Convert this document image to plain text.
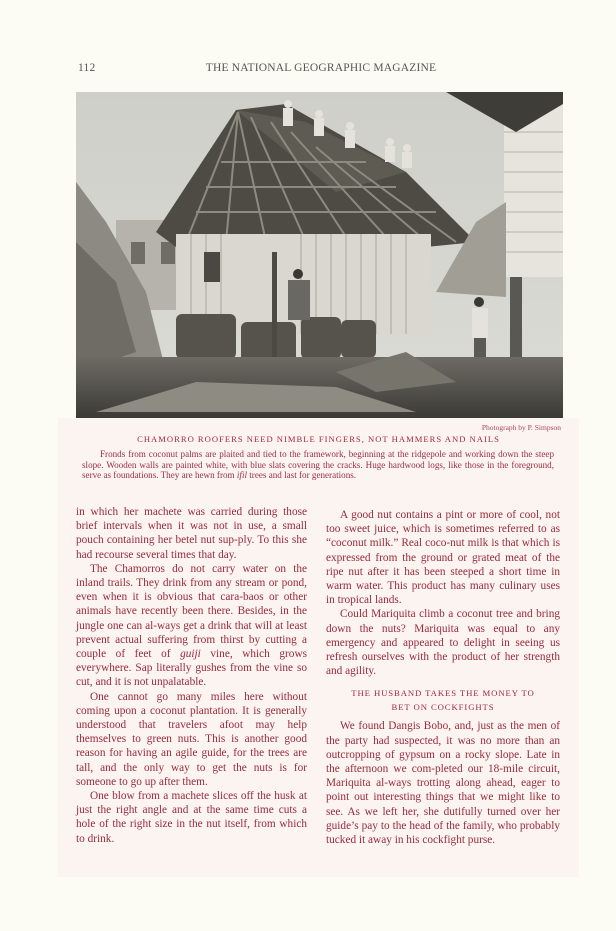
112	THE NATIONAL GEOGRAPHIC MAGAZINE
Photograph by P. Simpson
CHAMORRO ROOFERS NEED NIMBLE FINGERS, NOT HAMMERS AND NAILS

Fronds from coconut palms are plaited and tied to the framework, beginning at the ridgepole and working down the steep slope. Wooden walls are painted white, with blue slats covering the cracks. Huge hardwood logs, like those in the foreground, serve as foundations. They are hewn from ifil trees and last for generations.

in which her machete was carried during those brief intervals when it was not in use, a small pouch containing her betel nut sup-ply. To this she had recourse several times that day.

The Chamorros do not carry water on the inland trails. They drink from any stream or pond, even when it is obvious that cara-baos or other animals have recently been there. Besides, in the jungle one can al-ways get a drink that will at least prevent actual suffering from thirst by cutting a couple of feet of guiji vine, which grows everywhere. Sap literally gushes from the vine so cut, and it is not unpalatable.

One cannot go many miles here without coming upon a coconut plantation. It is generally understood that travelers afoot may help themselves to green nuts. This is another good reason for having an agile guide, for the trees are tall, and the only way to get the nuts is for someone to go up after them.

One blow from a machete slices off the husk at just the right angle and at the same time cuts a hole of the right size in the nut itself, from which to drink.

A good nut contains a pint or more of cool, not too sweet juice, which is sometimes referred to as “coconut milk.” Real coco-nut milk is that which is expressed from the ground or grated meat of the ripe nut after it has been steeped a short time in warm water. This product has many culinary uses in tropical lands.

Could Mariquita climb a coconut tree and bring down the nuts? Mariquita was equal to any emergency and appeared to delight in seeing us refresh ourselves with the product of her strength and agility.

THE HUSBAND TAKES THE MONEY TO
BET ON COCKFIGHTS

We found Dangis Bobo, and, just as the men of the party had suspected, it was no more than an outcropping of gypsum on a rocky slope. Late in the afternoon we com-pleted our 18-mile circuit, Mariquita al-ways trotting along ahead, eager to point out interesting things that we might like to see. As we left her, she dutifully turned over her guide’s pay to the head of the family, who probably tucked it away in his cockfight purse.
